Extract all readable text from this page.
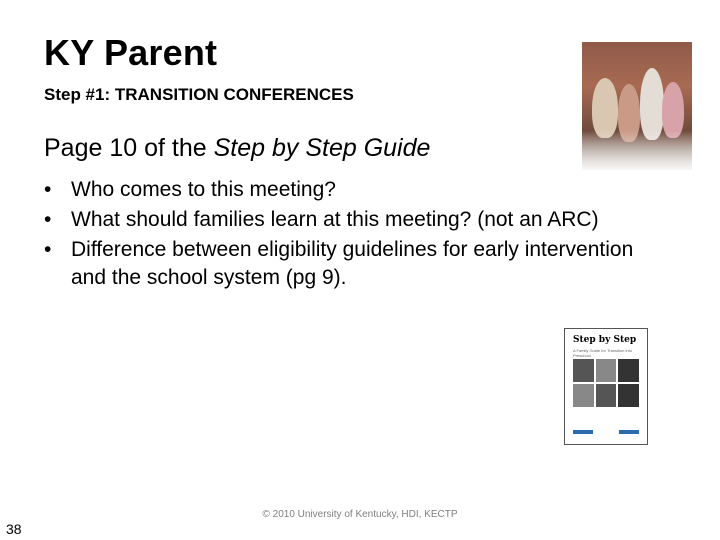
KY Parent
Step #1: TRANSITION CONFERENCES
Page 10 of the Step by Step Guide
• Who comes to this meeting?
• What should families learn at this meeting? (not an ARC)
• Difference between eligibility guidelines for early intervention and the school system (pg 9).
Step by Step
A Family Guide for Transition into Preschool
38
© 2010 University of Kentucky, HDI, KECTP
